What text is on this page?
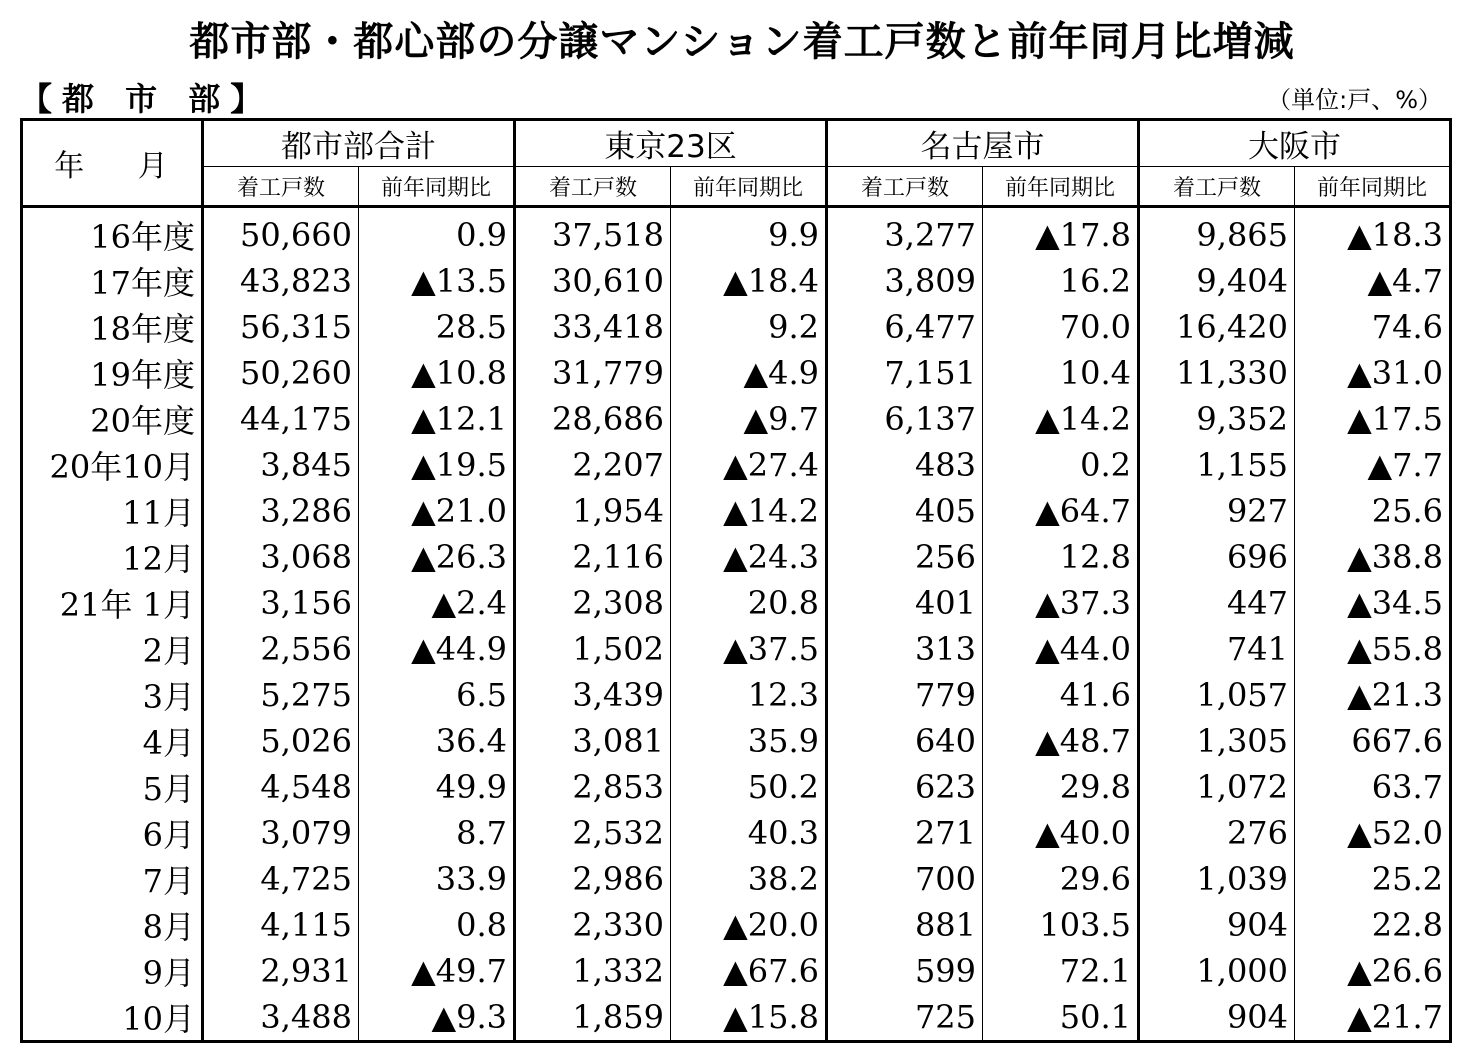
都市部・都心部の分譲マンション着工戸数と前年同月比増減
【都 市 部】	（単位:戸、%）
年 月	都市部合計		東京23区		名古屋市		大阪市	
	着工戸数	前年同期比	着工戸数	前年同期比	着工戸数	前年同期比	着工戸数	前年同期比
16年度	50,660	0.9	37,518	9.9	3,277	▲17.8	9,865	▲18.3
17年度	43,823	▲13.5	30,610	▲18.4	3,809	16.2	9,404	▲4.7
18年度	56,315	28.5	33,418	9.2	6,477	70.0	16,420	74.6
19年度	50,260	▲10.8	31,779	▲4.9	7,151	10.4	11,330	▲31.0
20年度	44,175	▲12.1	28,686	▲9.7	6,137	▲14.2	9,352	▲17.5
20年10月	3,845	▲19.5	2,207	▲27.4	483	0.2	1,155	▲7.7
11月	3,286	▲21.0	1,954	▲14.2	405	▲64.7	927	25.6
12月	3,068	▲26.3	2,116	▲24.3	256	12.8	696	▲38.8
21年 1月	3,156	▲2.4	2,308	20.8	401	▲37.3	447	▲34.5
2月	2,556	▲44.9	1,502	▲37.5	313	▲44.0	741	▲55.8
3月	5,275	6.5	3,439	12.3	779	41.6	1,057	▲21.3
4月	5,026	36.4	3,081	35.9	640	▲48.7	1,305	667.6
5月	4,548	49.9	2,853	50.2	623	29.8	1,072	63.7
6月	3,079	8.7	2,532	40.3	271	▲40.0	276	▲52.0
7月	4,725	33.9	2,986	38.2	700	29.6	1,039	25.2
8月	4,115	0.8	2,330	▲20.0	881	103.5	904	22.8
9月	2,931	▲49.7	1,332	▲67.6	599	72.1	1,000	▲26.6
10月	3,488	▲9.3	1,859	▲15.8	725	50.1	904	▲21.7
